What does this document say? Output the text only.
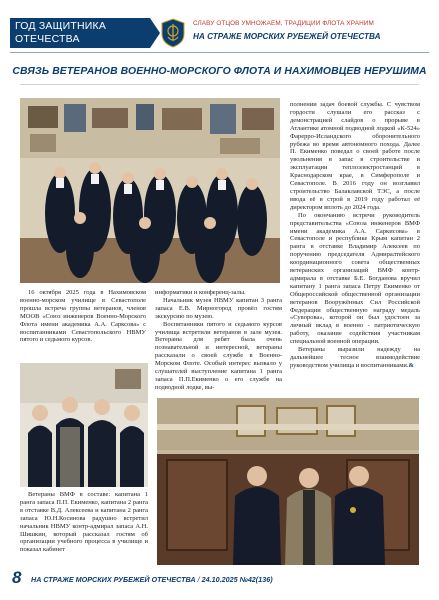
ГОД ЗАЩИТНИКА ОТЕЧЕСТВА
СЛАВУ ОТЦОВ УМНОЖАЕМ, ТРАДИЦИИ ФЛОТА ХРАНИМ
НА СТРАЖЕ МОРСКИХ РУБЕЖЕЙ ОТЕЧЕСТВА
СВЯЗЬ ВЕТЕРАНОВ ВОЕННО-МОРСКОГО ФЛОТА И НАХИМОВЦЕВ НЕРУШИМА

16 октября 2025 года в Нахимовском военно-морском училище в Севастополе прошла встреча группы ветеранов, членов МООВ «Союз инженеров Военно-Морского Флота имени академика А.А. Сарксова» с воспитанниками Севастопольского НВМУ пятого и седьмого курсов.

информатики и конференц-залы.

Начальник музея НВМУ капитан 3 ранга запаса Е.В. Мирногород провёл гостям экскурсию по музею.

Воспитанники пятого и седьмого курсов училища встретили ветеранов в зале музея. Ветераны для ребят была очень познавательной и интересной, ветераны рассказали о своей службе в Военно-Морском Флоте. Особый интерес вызвало у слушателей выступление капитана 1 ранга запаса П.П.Екименко о его службе на подводной лодке, вы-

полнении задач боевой службы. С чувством гордости слушали его рассказ с демонстрацией слайдов о прорыве в Атлантике атомной подводной лодкой «К-524» Фарерро-Исландского оборонительного рубежа во время автономного похода. Далее П. Екименко поведал о своей работе после увольнения в запас в строительстве и эксплуатации теплоэлектростанций в Краснодарском крае, в Симферополе и Севастополе. В 2016 году он возглавил строительство Балаклавской ТЭС, а после ввода её в строй в 2019 году работал её директором вплоть до 2024 года.

По окончанию встречи руководитель представительства «Союза инженеров ВМФ имени академика А.А. Саркисова» в Севастополе и республике Крым капитан 2 ранга в отставке Владимир Алексеев по поручению председателя Адмиралтейского координационного совета общественных ветеранских организаций ВМФ контр-адмирала в отставке Б.Е. Богданова вручил капитану 1 ранга запаса Петру Екименко от Общероссийской общественной организации ветеранов Вооружённых Сил Российской Федерации общественную награду медаль «Суворова», которой он был удостоен за личный вклад в военно - патриотическую работу, оказание содействия участникам специальной военной операции.

Ветераны выразили надежду на дальнейшее тесное взаимодействие руководством училища и воспитанниками.&

Ветераны ВМФ в составе: капитана 1 ранга запаса П.П. Екименко, капитана 2 ранга в отставке В.Д. Алексеева и капитана 2 ранга запаса Ю.Н.Косинова радушно встретил начальник НВМУ контр-адмирал запаса А.Н. Шишкин, который рассказал гостям об организации учебного процесса в училище и показал кабинет

8 НА СТРАЖЕ МОРСКИХ РУБЕЖЕЙ ОТЕЧЕСТВА / 24.10.2025 №42(136)
